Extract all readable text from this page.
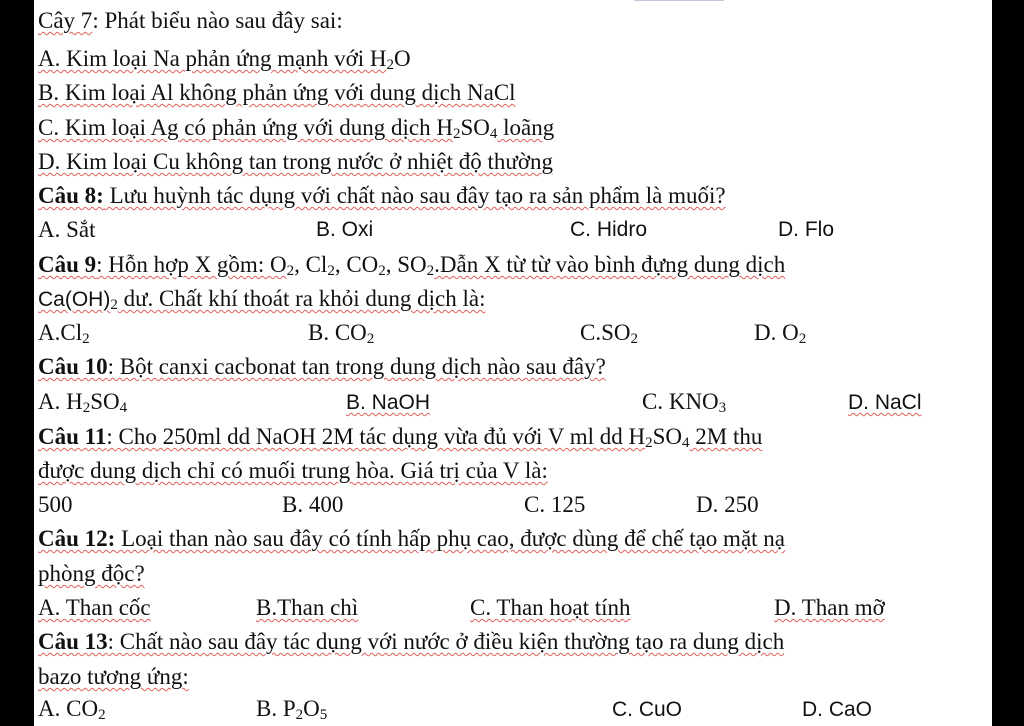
Cây 7: Phát biểu nào sau đây sai:
A. Kim loại Na phản ứng mạnh với $H_2O$
B. Kim loại Al không phản ứng với dung dịch NaCl
C. Kim loại Ag có phản ứng với dung dịch $H_2SO_4$ loãng
D. Kim loại Cu không tan trong nước ở nhiệt độ thường
Câu 8: Lưu huỳnh tác dụng với chất nào sau đây tạo ra sản phẩm là muối?
A. Sắt	B. Oxi	C. Hidro	D. Flo
Câu 9: Hỗn hợp X gồm: $O_2$, $Cl_2$, $CO_2$, $SO_2.Dẫn$ X từ từ vào bình đựng dung dịch
$Ca(OH)_2$ dư. Chất khí thoát ra khỏi dung dịch là:
$A.Cl_2$	B. $CO_2$	$C.SO_2$	D. $O_2$
Câu 10: Bột canxi cacbonat tan trong dung dịch nào sau đây?
A. $H_2SO_4$	B. NaOH	C. $KNO_3$	D. NaCl
Câu 11: Cho 250ml dd NaOH 2M tác dụng vừa đủ với V ml dd $H_2SO_4$ 2M thu
được dung dịch chỉ có muối trung hòa. Giá trị của V là:
500	B. 400	C. 125	D. 250
Câu 12: Loại than nào sau đây có tính hấp phụ cao, được dùng để chế tạo mặt nạ
phòng độc?
A. Than cốc	B.Than chì	C. Than hoạt tính	D. Than mỡ
Câu 13: Chất nào sau đây tác dụng với nước ở điều kiện thường tạo ra dung dịch
bazo tương ứng:
A. $CO_2$	B. $P_2O_5$	C. CuO	D. CaO
